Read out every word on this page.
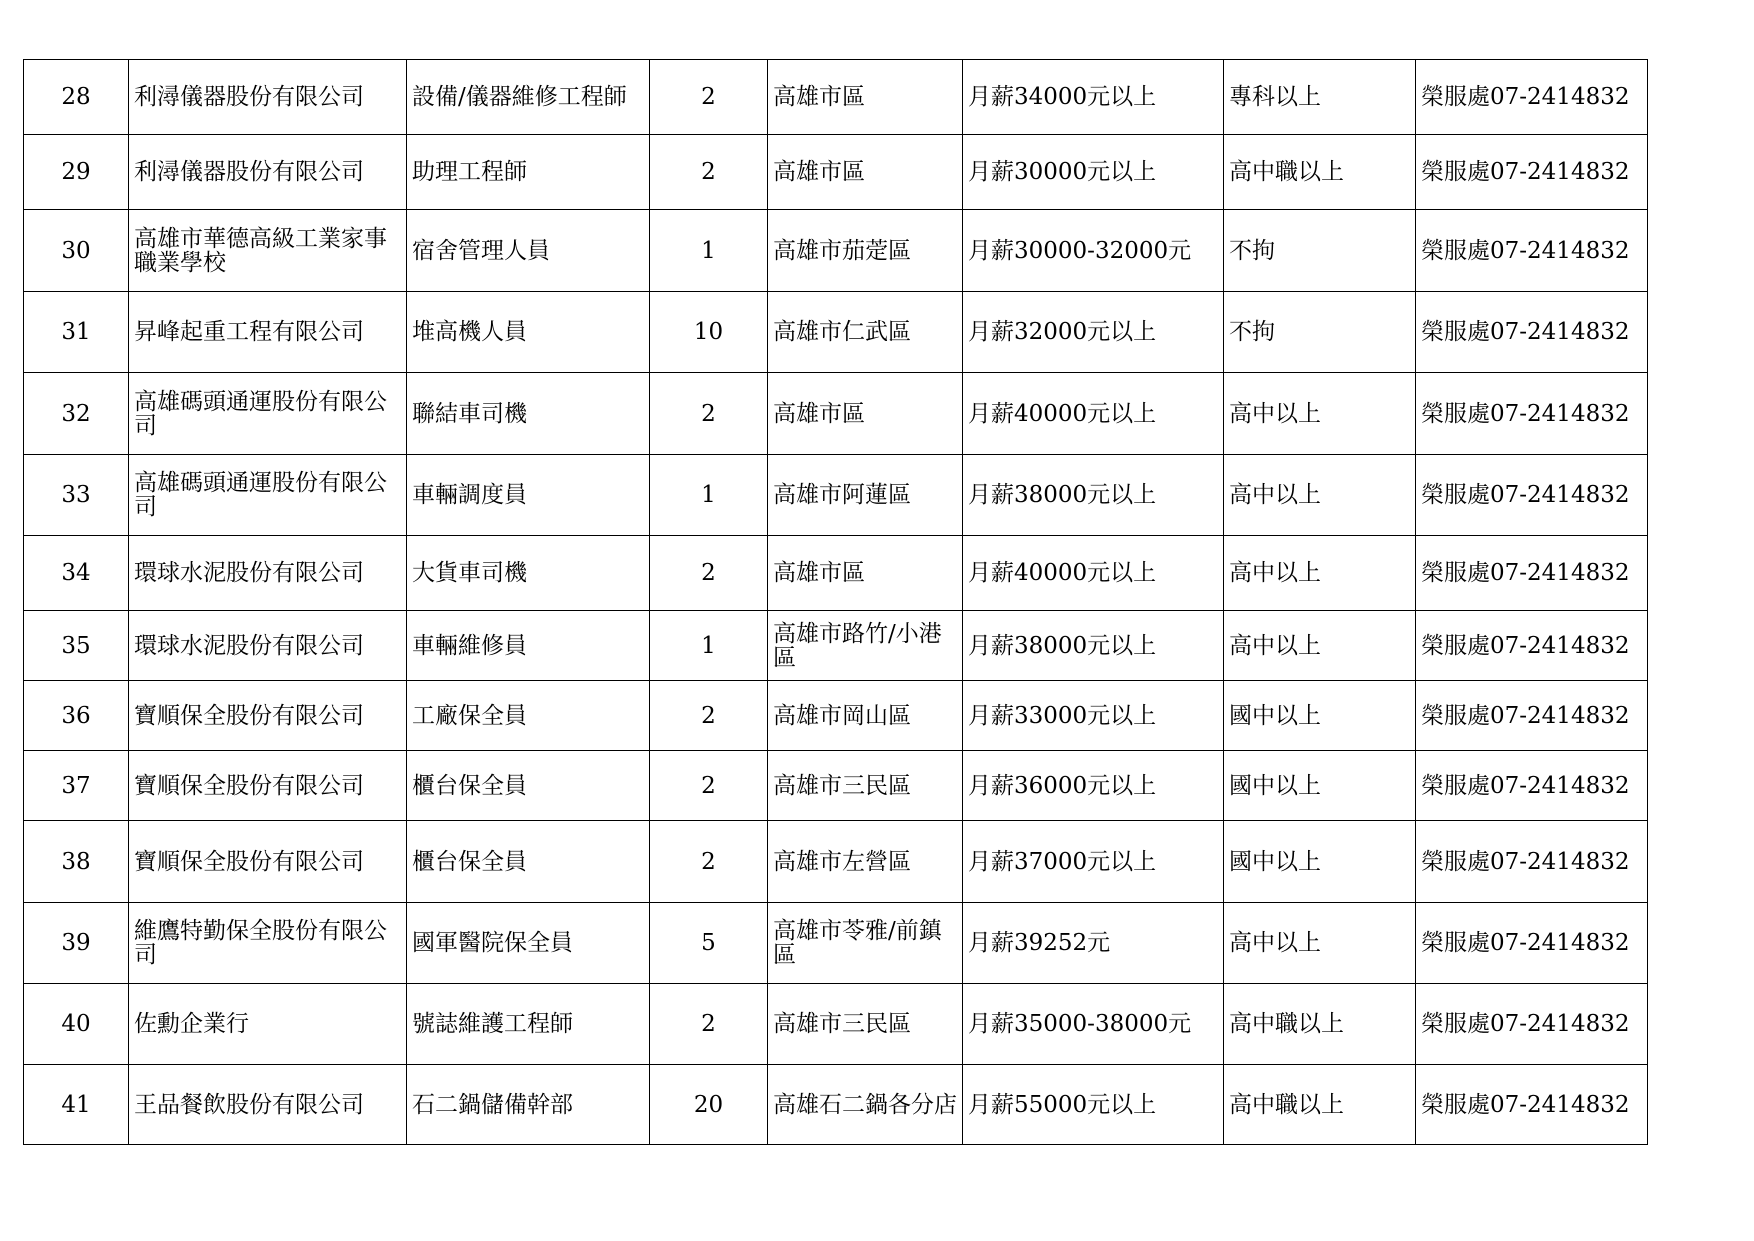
28	利潯儀器股份有限公司	設備/儀器維修工程師	2	高雄市區	月薪34000元以上	專科以上	榮服處07-2414832
29	利潯儀器股份有限公司	助理工程師	2	高雄市區	月薪30000元以上	高中職以上	榮服處07-2414832
30	高雄市華德高級工業家事職業學校	宿舍管理人員	1	高雄市茄萣區	月薪30000-32000元	不拘	榮服處07-2414832
31	昇峰起重工程有限公司	堆高機人員	10	高雄市仁武區	月薪32000元以上	不拘	榮服處07-2414832
32	高雄碼頭通運股份有限公司	聯結車司機	2	高雄市區	月薪40000元以上	高中以上	榮服處07-2414832
33	高雄碼頭通運股份有限公司	車輛調度員	1	高雄市阿蓮區	月薪38000元以上	高中以上	榮服處07-2414832
34	環球水泥股份有限公司	大貨車司機	2	高雄市區	月薪40000元以上	高中以上	榮服處07-2414832
35	環球水泥股份有限公司	車輛維修員	1	高雄市路竹/小港區	月薪38000元以上	高中以上	榮服處07-2414832
36	寶順保全股份有限公司	工廠保全員	2	高雄市岡山區	月薪33000元以上	國中以上	榮服處07-2414832
37	寶順保全股份有限公司	櫃台保全員	2	高雄市三民區	月薪36000元以上	國中以上	榮服處07-2414832
38	寶順保全股份有限公司	櫃台保全員	2	高雄市左營區	月薪37000元以上	國中以上	榮服處07-2414832
39	維鷹特勤保全股份有限公司	國軍醫院保全員	5	高雄市苓雅/前鎮區	月薪39252元	高中以上	榮服處07-2414832
40	佐勳企業行	號誌維護工程師	2	高雄市三民區	月薪35000-38000元	高中職以上	榮服處07-2414832
41	王品餐飲股份有限公司	石二鍋儲備幹部	20	高雄石二鍋各分店	月薪55000元以上	高中職以上	榮服處07-2414832
